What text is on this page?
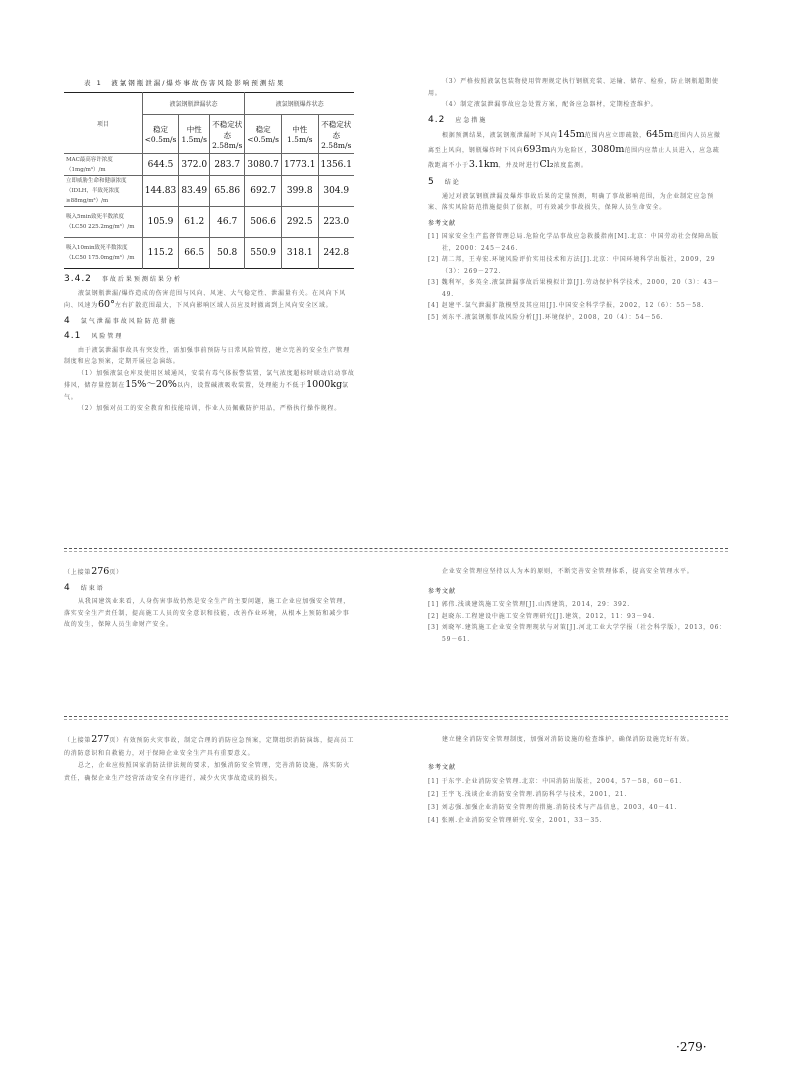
表 1　液氯钢瓶泄漏/爆炸事故伤害风险影响预测结果
项目	液氯钢瓶泄漏状态			液氯钢瓶爆炸状态		
	稳定 <0.5m/s	中性 1.5m/s	不稳定状态 2.58m/s	稳定 <0.5m/s	中性 1.5m/s	不稳定状态 2.58m/s
MAC最高容许浓度（1mg/m³）/m	644.5	372.0	283.7	3080.7	1773.1	1356.1
立即威胁生命和健康浓度（IDLH，半致死浓度≥88mg/m³）/m	144.83	83.49	65.86	692.7	399.8	304.9
吸入5min致死半数浓度（LC50 225.2mg/m³）/m	105.9	61.2	46.7	506.6	292.5	223.0
吸入10min致死半数浓度（LC50 175.0mg/m³）/m	115.2	66.5	50.8	550.9	318.1	242.8
3.4.2　 事故后果预测结果分析

液氯钢瓶泄漏/爆炸造成的伤害范围与风向、风速、大气稳定性、泄漏量有关。在风向下风向、风速为60°左右扩散范围最大，下风向影响区域人员应及时撤离到上风向安全区域。

4　 氯气泄漏事故风险防范措施
4.1　 风险管理

由于液氯泄漏事故具有突发性，需加强事前预防与日常风险管控，建立完善的安全生产管理制度和应急预案，定期开展应急演练。

（1）加强液氯仓库及使用区域通风，安装有毒气体报警装置，氯气浓度超标时联动启动事故排风，储存量控制在15%～20%以内，设置碱液吸收装置，处理能力不低于1000kg氯气。

（2）加强对员工的安全教育和技能培训，作业人员佩戴防护用品，严格执行操作规程。

（3）严格按照液氯包装物使用管理规定执行钢瓶充装、运输、储存、检验，防止钢瓶超期使用。

（4）制定液氯泄漏事故应急处置方案，配备应急器材，定期检查维护。

4.2　 应急措施

根据预测结果，液氯钢瓶泄漏时下风向145m范围内应立即疏散，645m范围内人员应撤离至上风向，钢瓶爆炸时下风向693m内为危险区，3080m范围内应禁止人员进入，应急疏散距离不小于3.1km，并及时进行Cl₂浓度监测。

5　 结论

通过对液氯钢瓶泄漏及爆炸事故后果的定量预测，明确了事故影响范围，为企业制定应急预案、落实风险防范措施提供了依据，可有效减少事故损失，保障人员生命安全。

参考文献
[1] 国家安全生产监督管理总局.危险化学品事故应急救援指南[M].北京：中国劳动社会保障出版社，2000：245－246.
[2] 胡二邦，王寿宏.环境风险评价实用技术和方法[J].北京：中国环境科学出版社，2009，29（3）：269－272.
[3] 魏利军，多英全.液氯泄漏事故后果模拟计算[J].劳动保护科学技术，2000，20（3）：43－49.
[4] 赵建平.氯气泄漏扩散模型及其应用[J].中国安全科学学报，2002，12（6）：55－58.
[5] 刘东平.液氯钢瓶事故风险分析[J].环境保护，2008，20（4）：54－56.
（上接第276页）
4　 结束语

从我国建筑业来看，人身伤害事故仍然是安全生产的主要问题，施工企业应加强安全管理，落实安全生产责任制，提高施工人员的安全意识和技能，改善作业环境，从根本上预防和减少事故的发生，保障人员生命财产安全。

企业安全管理应坚持以人为本的原则，不断完善安全管理体系，提高安全管理水平。

参考文献
[1] 郭伟.浅谈建筑施工安全管理[J].山西建筑，2014，29：392.
[2] 赵晓东.工程建设中施工安全管理研究[J].建筑，2012，11：93－94.
[3] 刘晓军.建筑施工企业安全管理现状与对策[J].河北工业大学学报（社会科学版），2013，06：59－61.

（上接第277页）有效预防火灾事故，制定合理的消防应急预案，定期组织消防演练，提高员工的消防意识和自救能力，对于保障企业安全生产具有重要意义。

总之，企业应按照国家消防法律法规的要求，加强消防安全管理，完善消防设施，落实防火责任，确保企业生产经营活动安全有序进行，减少火灾事故造成的损失。

建立健全消防安全管理制度，加强对消防设施的检查维护，确保消防设施完好有效。

参考文献
[1] 于东宇.企业消防安全管理.北京：中国消防出版社，2004，57－58，60－61.
[2] 王宇飞.浅谈企业消防安全管理.消防科学与技术，2001，21.
[3] 刘志强.加强企业消防安全管理的措施.消防技术与产品信息，2003，40－41.
[4] 张刚.企业消防安全管理研究.安全，2001，33－35.
·279·
